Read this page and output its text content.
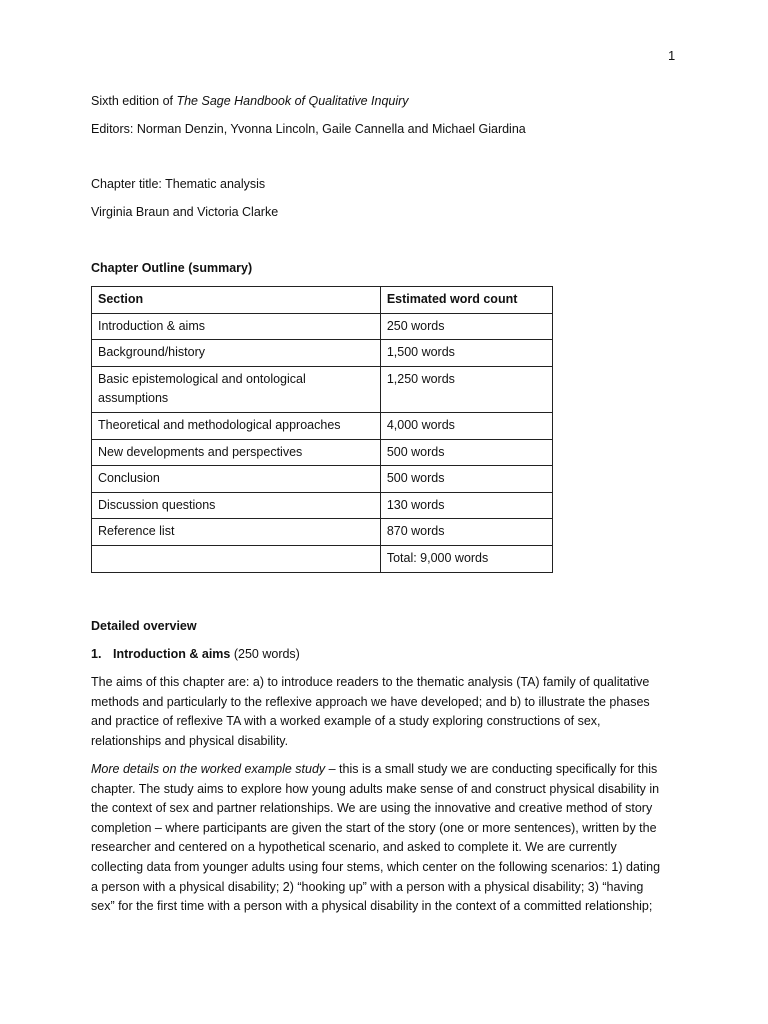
1
Sixth edition of The Sage Handbook of Qualitative Inquiry
Editors: Norman Denzin, Yvonna Lincoln, Gaile Cannella and Michael Giardina
Chapter title: Thematic analysis
Virginia Braun and Victoria Clarke
Chapter Outline (summary)
Section	Estimated word count
Introduction & aims	250 words
Background/history	1,500 words
Basic epistemological and ontological
assumptions	1,250 words
Theoretical and methodological approaches	4,000 words
New developments and perspectives	500 words
Conclusion	500 words
Discussion questions	130 words
Reference list	870 words
	Total: 9,000 words
Detailed overview
1. Introduction & aims (250 words)
The aims of this chapter are: a) to introduce readers to the thematic analysis (TA) family of qualitative
methods and particularly to the reflexive approach we have developed; and b) to illustrate the phases
and practice of reflexive TA with a worked example of a study exploring constructions of sex,
relationships and physical disability.
More details on the worked example study – this is a small study we are conducting specifically for this
chapter. The study aims to explore how young adults make sense of and construct physical disability in
the context of sex and partner relationships. We are using the innovative and creative method of story
completion – where participants are given the start of the story (one or more sentences), written by the
researcher and centered on a hypothetical scenario, and asked to complete it. We are currently
collecting data from younger adults using four stems, which center on the following scenarios: 1) dating
a person with a physical disability; 2) “hooking up” with a person with a physical disability; 3) “having
sex” for the first time with a person with a physical disability in the context of a committed relationship;
